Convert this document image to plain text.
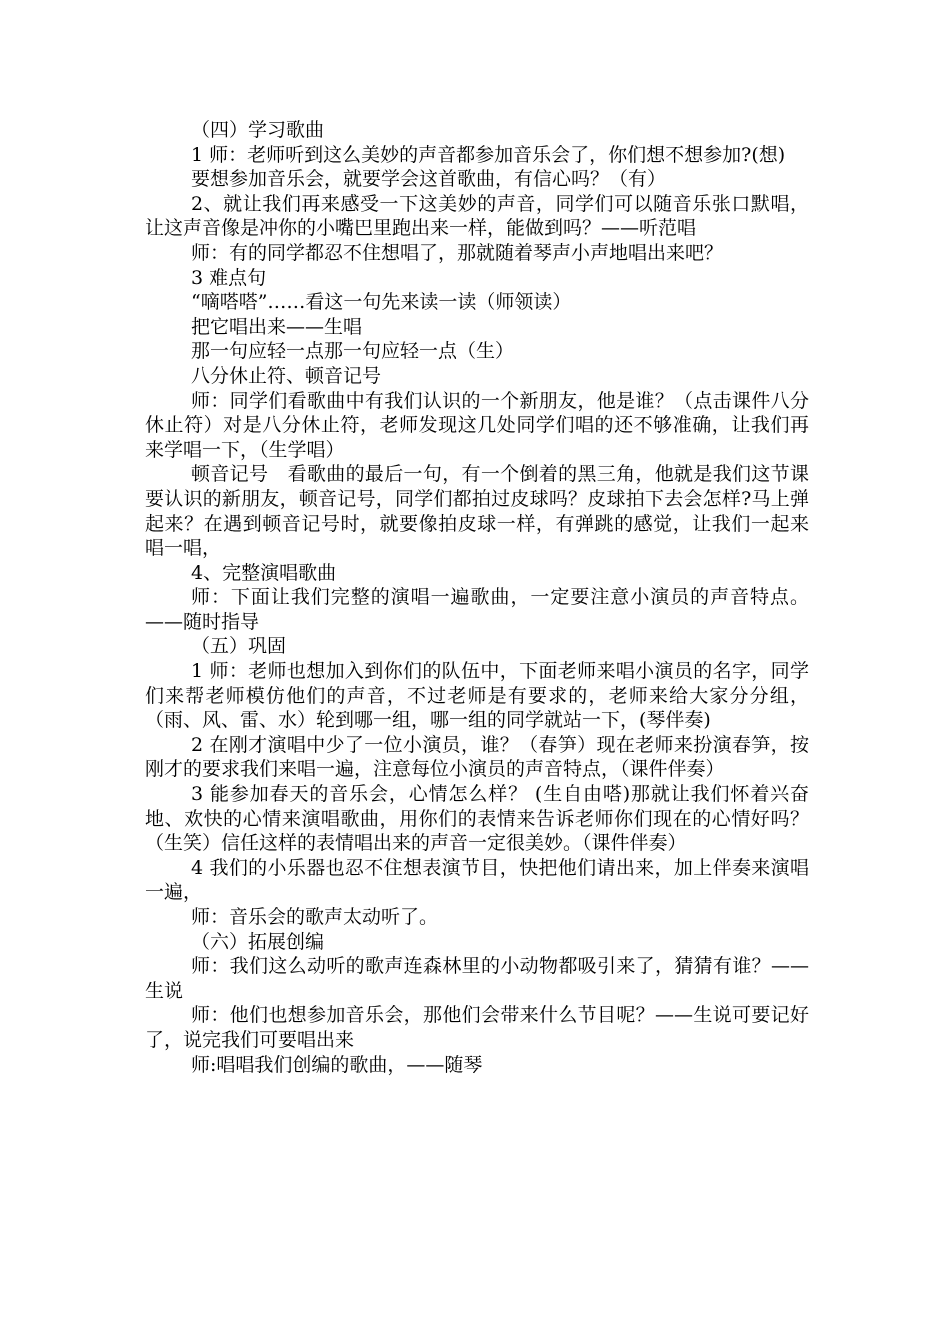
（四）学习歌曲

1 师：老师听到这么美妙的声音都参加音乐会了，你们想不想参加?(想)

要想参加音乐会，就要学会这首歌曲，有信心吗？（有）

2、就让我们再来感受一下这美妙的声音，同学们可以随音乐张口默唱，让这声音像是冲你的小嘴巴里跑出来一样，能做到吗？——听范唱

师：有的同学都忍不住想唱了，那就随着琴声小声地唱出来吧？

3 难点句

“嘀嗒嗒”……看这一句先来读一读（师领读）

把它唱出来——生唱

那一句应轻一点那一句应轻一点（生）

八分休止符、顿音记号

师：同学们看歌曲中有我们认识的一个新朋友，他是谁？（点击课件八分休止符）对是八分休止符，老师发现这几处同学们唱的还不够准确，让我们再来学唱一下，（生学唱）

顿音记号　看歌曲的最后一句，有一个倒着的黑三角，他就是我们这节课要认识的新朋友，顿音记号，同学们都拍过皮球吗？皮球拍下去会怎样?马上弹起来？在遇到顿音记号时，就要像拍皮球一样，有弹跳的感觉，让我们一起来唱一唱，

4、完整演唱歌曲

师：下面让我们完整的演唱一遍歌曲，一定要注意小演员的声音特点。——随时指导

（五）巩固

1 师：老师也想加入到你们的队伍中，下面老师来唱小演员的名字，同学们来帮老师模仿他们的声音，不过老师是有要求的，老师来给大家分分组，（雨、风、雷、水）轮到哪一组，哪一组的同学就站一下，(琴伴奏)

2 在刚才演唱中少了一位小演员，谁？（春笋）现在老师来扮演春笋，按刚才的要求我们来唱一遍，注意每位小演员的声音特点，（课件伴奏）

3 能参加春天的音乐会，心情怎么样？ (生自由嗒)那就让我们怀着兴奋地、欢快的心情来演唱歌曲，用你们的表情来告诉老师你们现在的心情好吗？（生笑）信任这样的表情唱出来的声音一定很美妙。（课件伴奏）

4 我们的小乐器也忍不住想表演节目，快把他们请出来，加上伴奏来演唱一遍，

师：音乐会的歌声太动听了。

（六）拓展创编

师：我们这么动听的歌声连森林里的小动物都吸引来了，猜猜有谁？——生说

师：他们也想参加音乐会，那他们会带来什么节目呢？——生说可要记好了，说完我们可要唱出来

师:唱唱我们创编的歌曲，——随琴
